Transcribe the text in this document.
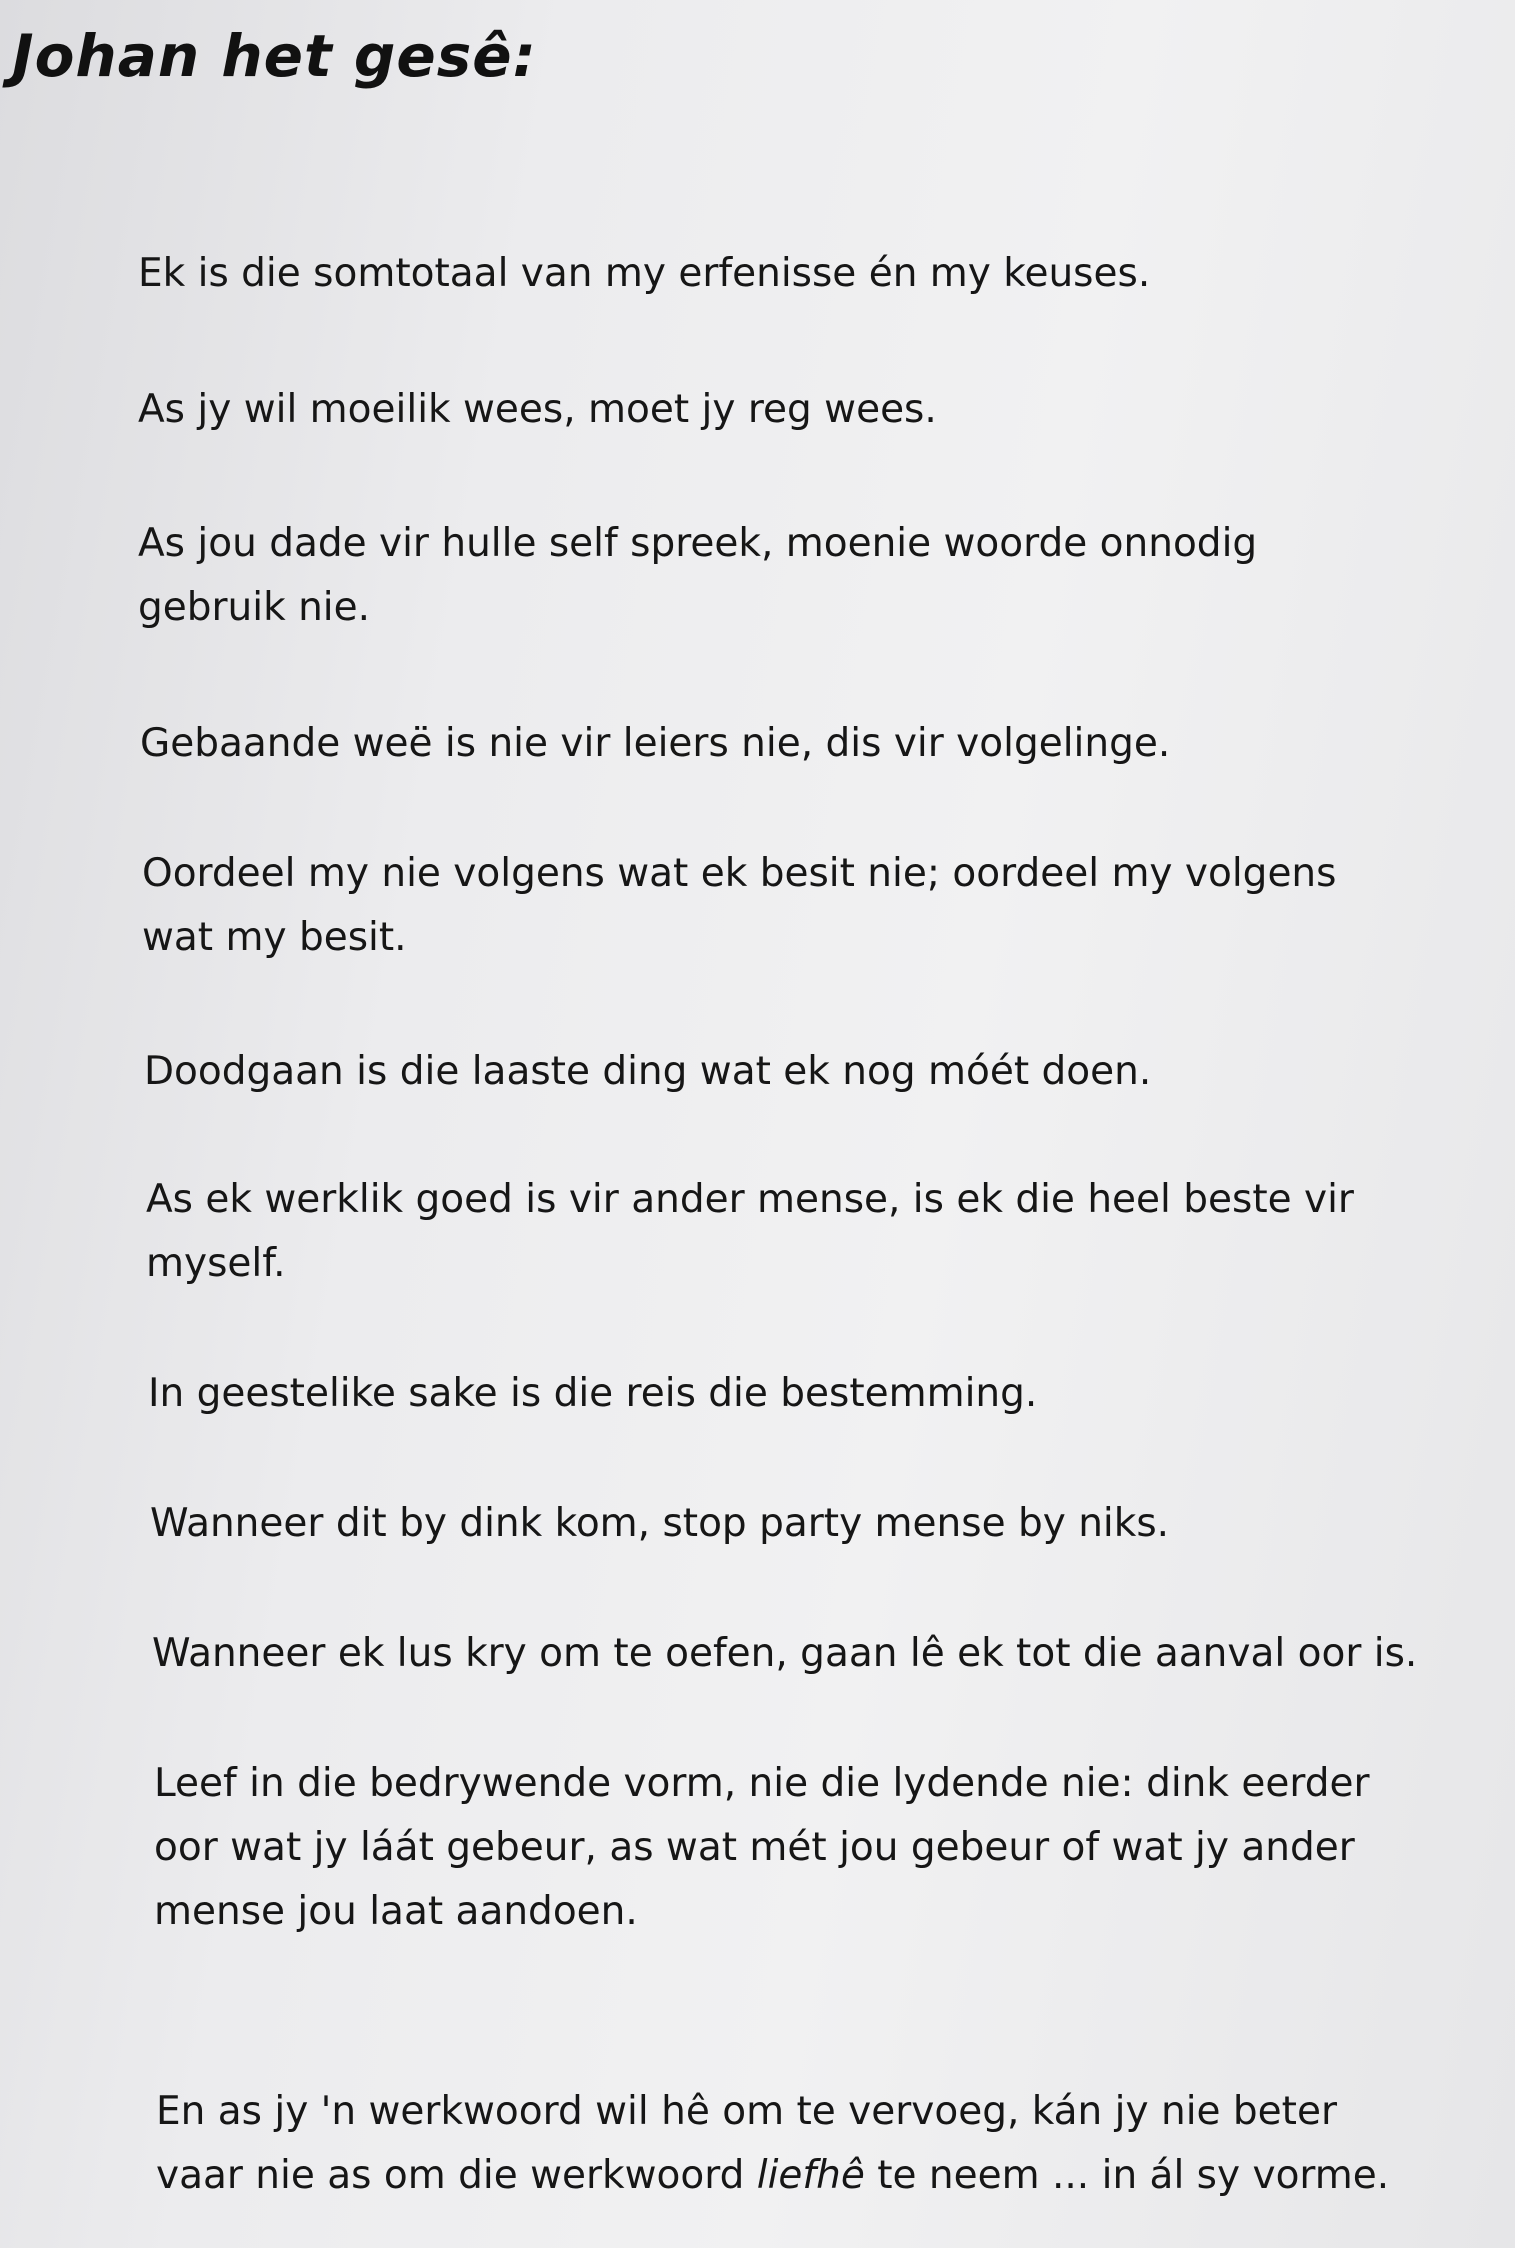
Johan het gesê:

Ek is die somtotaal van my erfenisse én my keuses.

As jy wil moeilik wees, moet jy reg wees.

As jou dade vir hulle self spreek, moenie woorde onnodig
gebruik nie.

Gebaande weë is nie vir leiers nie, dis vir volgelinge.

Oordeel my nie volgens wat ek besit nie; oordeel my volgens
wat my besit.

Doodgaan is die laaste ding wat ek nog móét doen.

As ek werklik goed is vir ander mense, is ek die heel beste vir
myself.

In geestelike sake is die reis die bestemming.

Wanneer dit by dink kom, stop party mense by niks.

Wanneer ek lus kry om te oefen, gaan lê ek tot die aanval oor is.

Leef in die bedrywende vorm, nie die lydende nie: dink eerder
oor wat jy láát gebeur, as wat mét jou gebeur of wat jy ander
mense jou laat aandoen.

En as jy 'n werkwoord wil hê om te vervoeg, kán jy nie beter
vaar nie as om die werkwoord liefhê te neem ... in ál sy vorme.
